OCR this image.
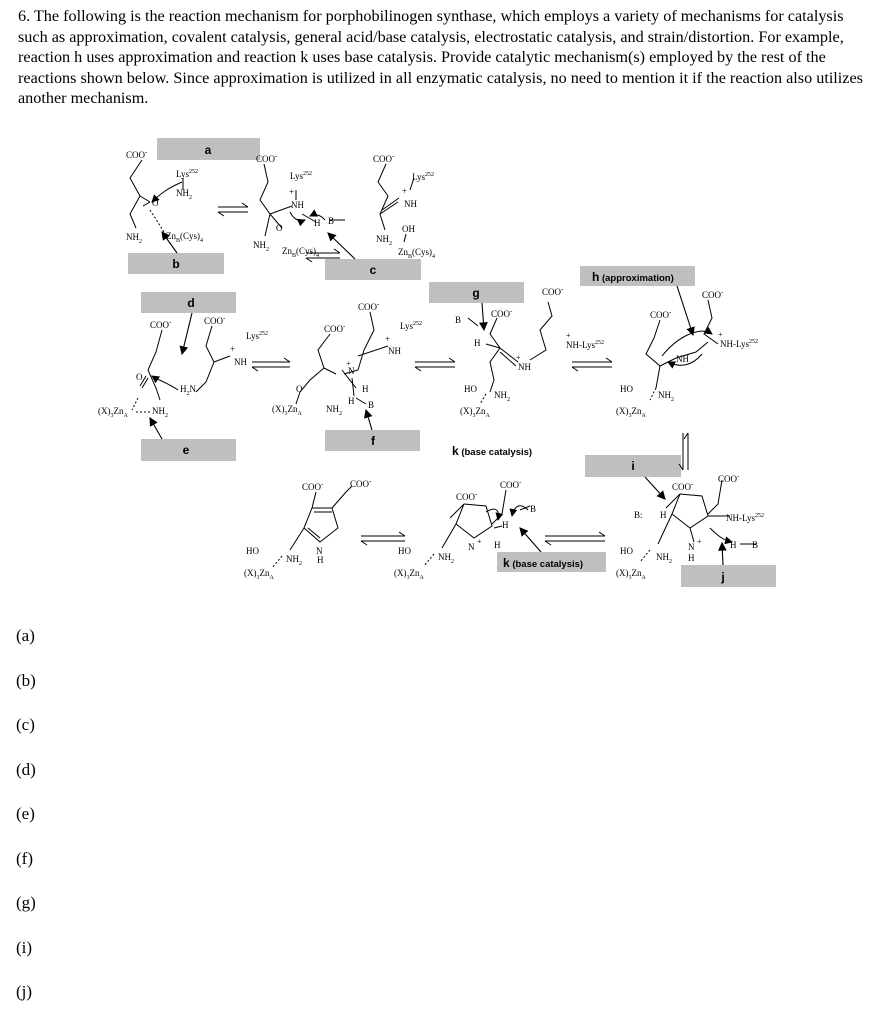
6. The following is the reaction mechanism for porphobilinogen synthase, which employs a variety of mechanisms for catalysis such as approximation, covalent catalysis, general acid/base catalysis, electrostatic catalysis, and strain/distortion. For example, reaction h uses approximation and reaction k uses base catalysis. Provide catalytic mechanism(s) employed by the rest of the reactions shown below. Since approximation is utilized in all enzymatic catalysis, no need to mention it if the reaction also utilizes another mechanism.

a
b	c
d
e
f
g
h (approximation)
i
j
k (base catalysis)
k (base catalysis)
COO-
O
Lys$^{252}$
$NH_2$
$NH_2$
$Zn_B(Cys)_4$
COO-
Lys$^{252}$
+
NH
O	H B
$NH_2$ $Zn_B(Cys)_4$
COO-
Lys$^{252}$
+
NH
$NH_2$
OH
$Zn_B(Cys)_4$
COO-	COO-
Lys$^{252}$
+
NH
O
$H_2N$
$(X)_3Zn_A$	$NH_2$
COO-
COO-
Lys$^{252}$
+
NH
O
N
+
H
H B
$(X)_3Zn_A$	$NH_2$
COO-
COO-
B
H
+
NH
HO
$NH_2$
$(X)_3Zn_A$
+
NH-Lys$^{252}$
COO-
COO-
NH
+
NH-Lys$^{252}$
HO
$NH_2$
$(X)_3Zn_A$
COO-	COO-
B: H	NH-Lys$^{252}$
N
+
H
H B
HO
$NH_2$
$(X)_3Zn_A$
COO-
COO-
H
B
N
+ H
HO
$NH_2$
$(X)_3Zn_A$
COO-	COO-
N
H
HO
$NH_2$
$(X)_3Zn_A$
(a)
(b)
(c)
(d)
(e)
(f)
(g)
(i)
(j)
